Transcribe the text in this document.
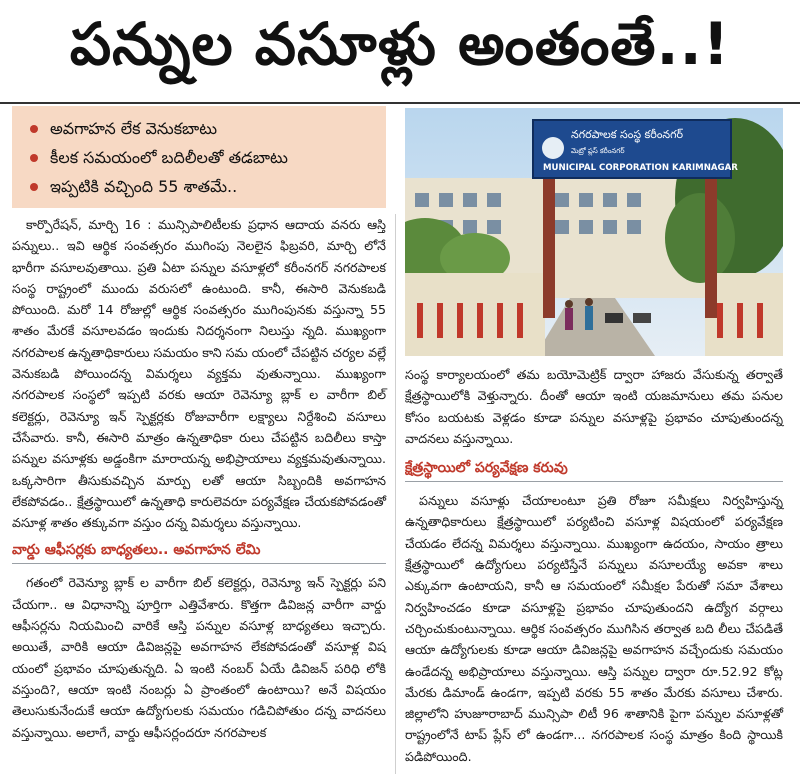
పన్నుల వసూళ్లు అంతంతే..!
అవగాహన లేక వెనుకబాటు
కీలక సమయంలో బదిలీలతో తడబాటు
ఇప్పటికి వచ్చింది 55 శాతమే..
నగరపాలక సంస్థ కరీంనగర్
మెట్రో ప్లస్ కరీంనగర్
MUNICIPAL CORPORATION KARIMNAGAR

కార్పొరేషన్, మార్చి 16 : మున్సిపాలిటీలకు ప్రధాన ఆదాయ వనరు ఆస్తి పన్నులు.. ఇవి ఆర్థిక సంవత్సరం ముగింపు నెలలైన ఫిబ్రవరి, మార్చి లోనే భారీగా వసూలవుతాయి. ప్రతి ఏటా పన్నుల వసూళ్లలో కరీంనగర్ నగరపాలక సంస్థ రాష్ట్రంలో ముందు వరుసలో ఉంటుంది. కానీ, ఈసారి వెనుకబడి పోయింది. మరో 14 రోజుల్లో ఆర్థిక సంవత్సరం ముగింపునకు వస్తున్నా 55 శాతం మేరకే వసూలవడం ఇందుకు నిదర్శనంగా నిలుస్తు న్నది. ముఖ్యంగా నగరపాలక ఉన్నతాధికారులు సమయం కాని సమ యంలో చేపట్టిన చర్యల వల్లే వెనుకబడి పోయిందన్న విమర్శలు వ్యక్తమ వుతున్నాయి. ముఖ్యంగా నగరపాలక సంస్థలో ఇప్పటి వరకు ఆయా రెవెన్యూ బ్లాక్ ల వారీగా బిల్ కలెక్టర్లు, రెవెన్యూ ఇన్ స్పెక్టర్లకు రోజువారీగా లక్ష్యాలు నిర్దేశించి వసూలు చేసేవారు. కానీ, ఈసారి మాత్రం ఉన్నతాధికా రులు చేపట్టిన బదిలీలు కాస్తా పన్నుల వసూళ్లకు అడ్డంకిగా మారాయన్న అభిప్రాయాలు వ్యక్తమవుతున్నాయి. ఒక్కసారిగా తీసుకువచ్చిన మార్పు లతో ఆయా సిబ్బందికి అవగాహన లేకపోవడం.. క్షేత్రస్థాయిలో ఉన్నతాధి కారులెవరూ పర్యవేక్షణ చేయకపోవడంతో వసూళ్ల శాతం తక్కువగా వస్తుం దన్న విమర్శలు వస్తున్నాయి.

వార్డు ఆఫీసర్లకు బాధ్యతలు.. అవగాహన లేమి

గతంలో రెవెన్యూ బ్లాక్ ల వారీగా బిల్ కలెక్టర్లు, రెవెన్యూ ఇన్ స్పెక్టర్లు పని చేయగా.. ఆ విధానాన్ని పూర్తిగా ఎత్తివేశారు. కొత్తగా డివిజన్ల వారీగా వార్డు ఆఫీసర్లను నియమించి వారికే ఆస్తి పన్నుల వసూళ్ల బాధ్యతలు ఇచ్చారు. అయితే, వారికి ఆయా డివిజన్లపై అవగాహన లేకపోవడంతో వసూళ్ల విష యంలో ప్రభావం చూపుతున్నది. ఏ ఇంటి నంబర్ ఏయే డివిజన్ పరిధి లోకి వస్తుంది?, ఆయా ఇంటి నంబర్లు ఏ ప్రాంతంలో ఉంటాయి? అనే విషయం తెలుసుకునేందుకే ఆయా ఉద్యోగులకు సమయం గడిచిపోతుం దన్న వాదనలు వస్తున్నాయి. అలాగే, వార్డు ఆఫీసర్లందరూ నగరపాలక

సంస్థ కార్యాలయంలో తమ బయోమెట్రిక్ ద్వారా హాజరు వేసుకున్న తర్వాతే క్షేత్రస్థాయిలోకి వెళ్తున్నారు. దీంతో ఆయా ఇంటి యజమానులు తమ పనుల కోసం బయటకు వెళ్లడం కూడా పన్నుల వసూళ్లపై ప్రభావం చూపుతుందన్న వాదనలు వస్తున్నాయి.

క్షేత్రస్థాయిలో పర్యవేక్షణ కరువు

పన్నులు వసూళ్లు చేయాలంటూ ప్రతి రోజూ సమీక్షలు నిర్వహిస్తున్న ఉన్నతాధికారులు క్షేత్రస్థాయిలో పర్యటించి వసూళ్ల విషయంలో పర్యవేక్షణ చేయడం లేదన్న విమర్శలు వస్తున్నాయి. ముఖ్యంగా ఉదయం, సాయం త్రాలు క్షేత్రస్థాయిలో ఉద్యోగులు పర్యటిస్తేనే పన్నులు వసూలయ్యే అవకా శాలు ఎక్కువగా ఉంటాయని, కానీ ఆ సమయంలో సమీక్షల పేరుతో సమా వేశాలు నిర్వహించడం కూడా వసూళ్లపై ప్రభావం చూపుతుందని ఉద్యోగ వర్గాలు చర్చించుకుంటున్నాయి. ఆర్థిక సంవత్సరం ముగిసిన తర్వాత బది లీలు చేపడితే ఆయా ఉద్యోగులకు కూడా ఆయా డివిజన్లపై అవగాహన వచ్చేందుకు సమయం ఉండేదన్న అభిప్రాయాలు వస్తున్నాయి. ఆస్తి పన్నుల ద్వారా రూ.52.92 కోట్ల మేరకు డిమాండ్ ఉండగా, ఇప్పటి వరకు 55 శాతం మేరకు వసూలు చేశారు. జిల్లాలోని హుజూరాబాద్ మున్సిపా లిటీ 96 శాతానికి పైగా పన్నుల వసూళ్లతో రాష్ట్రంలోనే టాప్ ప్లేస్ లో ఉండగా... నగరపాలక సంస్థ మాత్రం కింది స్థాయికి పడిపోయింది.
